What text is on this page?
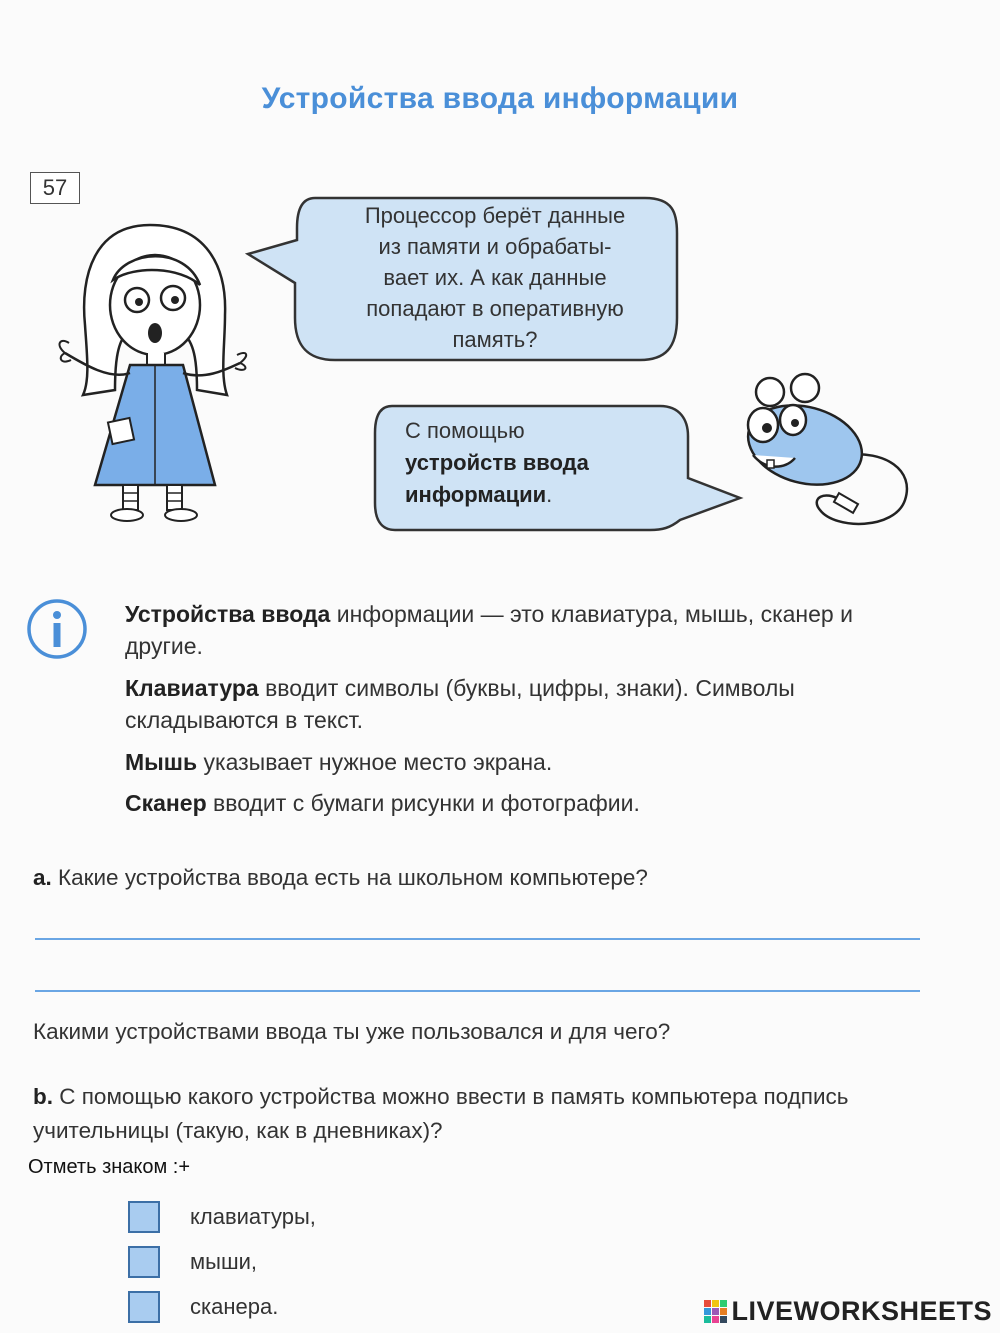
Устройства ввода информации
57
Процессор берёт данные
из памяти и обрабаты-
вает их. А как данные
попадают в оперативную
память?
С помощью
устройств ввода
информации.
Устройства ввода информации — это клавиатура, мышь, сканер и другие.
Клавиатура вводит символы (буквы, цифры, знаки). Символы складываются в текст.
Мышь указывает нужное место экрана.
Сканер вводит с бумаги рисунки и фотографии.
а. Какие устройства ввода есть на школьном компьютере?
Какими устройствами ввода ты уже пользовался и для чего?
b. С помощью какого устройства можно ввести в память компьютера подпись учительницы (такую, как в дневниках)?
Отметь знаком :+
клавиатуры,
мыши,
сканера.	LIVEWORKSHEETS
